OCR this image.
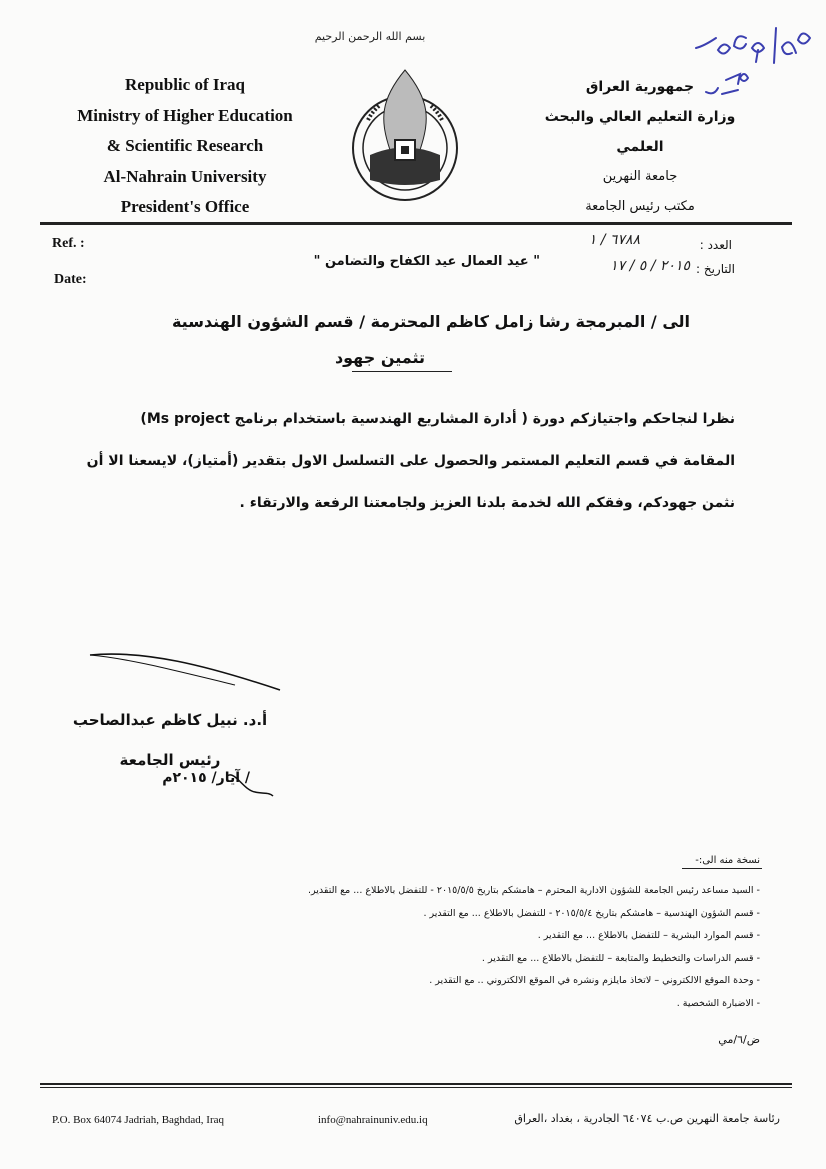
بسم الله الرحمن الرحيم
Republic of Iraq
Ministry of Higher Education
& Scientific Research
Al-Nahrain University
President's Office
جمهورية العراق
وزارة التعليم العالي والبحث العلمي
جامعة النهرين
مكتب رئيس الجامعة
Ref. :
Date:
العدد :
التاريخ :
٦٧٨٨ / ١
٢٠١٥ / ٥ / ١٧
" عيد العمال عيد الكفاح والتضامن "
الى / المبرمجة رشا زامل كاظم المحترمة / قسم الشؤون الهندسية
تثمين جهود

نظرا لنجاحكم واجتيازكم دورة ( أدارة المشاريع الهندسية باستخدام برنامج Ms project)

المقامة في قسم التعليم المستمر والحصول على التسلسل الاول بتقدير (أمتياز)، لايسعنا الا أن

نثمن جهودكم، وفقكم الله لخدمة بلدنا العزيز ولجامعتنا الرفعة والارتقاء .

أ.د. نبيل كاظم عبدالصاحب
رئيس الجامعة
/ آيار/ ٢٠١٥م
نسخة منه الى:-
- السيد مساعد رئيس الجامعة للشؤون الادارية المحترم – هامشكم بتاريخ ٢٠١٥/٥/٥ - للتفضل بالاطلاع ... مع التقدير.
- قسم الشؤون الهندسية – هامشكم بتاريخ ٢٠١٥/٥/٤ - للتفضل بالاطلاع ... مع التقدير .
- قسم الموارد البشرية – للتفضل بالاطلاع ... مع التقدير .
- قسم الدراسات والتخطيط والمتابعة – للتفضل بالاطلاع ... مع التقدير .
- وحدة الموقع الالكتروني – لاتخاذ مايلزم ونشره في الموقع الالكتروني .. مع التقدير .
- الاضبارة الشخصية .
ض/٦/مي
P.O. Box 64074 Jadriah, Baghdad, Iraq	info@nahrainuniv.edu.iq	رئاسة جامعة النهرين ص.ب ٦٤٠٧٤ الجادرية ، بغداد ،العراق
